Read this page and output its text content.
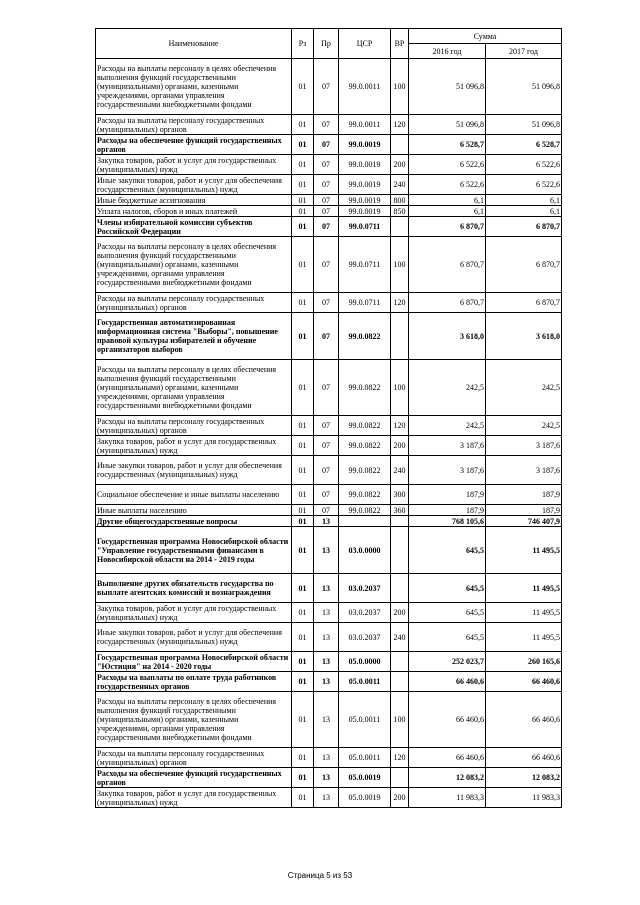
Наименование	Рз	Пр	ЦСР	ВР	Сумма	
					2016 год	2017 год
Расходы на выплаты персоналу в целях обеспечения выполнения функций государственными (муниципальными) органами, казенными учреждениями, органами управления государственными внебюджетными фондами	01	07	99.0.0011	100	51 096,8	51 096,8
Расходы на выплаты персоналу государственных (муниципальных) органов	01	07	99.0.0011	120	51 096,8	51 096,8
Расходы на обеспечение функций государственных органов	01	07	99.0.0019		6 528,7	6 528,7
Закупка товаров, работ и услуг для государственных (муниципальных) нужд	01	07	99.0.0019	200	6 522,6	6 522,6
Иные закупки товаров, работ и услуг для обеспечения государственных (муниципальных) нужд	01	07	99.0.0019	240	6 522,6	6 522,6
Иные бюджетные ассигнования	01	07	99.0.0019	800	6,1	6,1
Уплата налогов, сборов и иных платежей	01	07	99.0.0019	850	6,1	6,1
Члены избирательной комиссии субъектов Российской Федерации	01	07	99.0.0711		6 870,7	6 870,7
Расходы на выплаты персоналу в целях обеспечения выполнения функций государственными (муниципальными) органами, казенными учреждениями, органами управления государственными внебюджетными фондами	01	07	99.0.0711	100	6 870,7	6 870,7
Расходы на выплаты персоналу государственных (муниципальных) органов	01	07	99.0.0711	120	6 870,7	6 870,7
Государственная автоматизированная информационная система "Выборы", повышение правовой культуры избирателей и обучение организаторов выборов	01	07	99.0.0822		3 618,0	3 618,0
Расходы на выплаты персоналу в целях обеспечения выполнения функций государственными (муниципальными) органами, казенными учреждениями, органами управления государственными внебюджетными фондами	01	07	99.0.0822	100	242,5	242,5
Расходы на выплаты персоналу государственных (муниципальных) органов	01	07	99.0.0822	120	242,5	242,5
Закупка товаров, работ и услуг для государственных (муниципальных) нужд	01	07	99.0.0822	200	3 187,6	3 187,6
Иные закупки товаров, работ и услуг для обеспечения государственных (муниципальных) нужд	01	07	99.0.0822	240	3 187,6	3 187,6
Социальное обеспечение и иные выплаты населению	01	07	99.0.0822	300	187,9	187,9
Иные выплаты населению	01	07	99.0.0822	360	187,9	187,9
Другие общегосударственные вопросы	01	13			768 105,6	746 407,9
Государственная программа Новосибирской области "Управление государственными финансами в Новосибирской области на 2014 - 2019 годы	01	13	03.0.0000		645,5	11 495,5
Выполнение других обязательств государства по выплате агентских комиссий и вознаграждения	01	13	03.0.2037		645,5	11 495,5
Закупка товаров, работ и услуг для государственных (муниципальных) нужд	01	13	03.0.2037	200	645,5	11 495,5
Иные закупки товаров, работ и услуг для обеспечения государственных (муниципальных) нужд	01	13	03.0.2037	240	645,5	11 495,5
Государственная программа Новосибирской области "Юстиция" на 2014 - 2020 годы	01	13	05.0.0000		252 023,7	260 165,6
Расходы на выплаты по оплате труда работников государственных органов	01	13	05.0.0011		66 460,6	66 460,6
Расходы на выплаты персоналу в целях обеспечения выполнения функций государственными (муниципальными) органами, казенными учреждениями, органами управления государственными внебюджетными фондами	01	13	05.0.0011	100	66 460,6	66 460,6
Расходы на выплаты персоналу государственных (муниципальных) органов	01	13	05.0.0011	120	66 460,6	66 460,6
Расходы на обеспечение функций государственных органов	01	13	05.0.0019		12 083,2	12 083,2
Закупка товаров, работ и услуг для государственных (муниципальных) нужд	01	13	05.0.0019	200	11 983,3	11 983,3
Страница 5 из 53
